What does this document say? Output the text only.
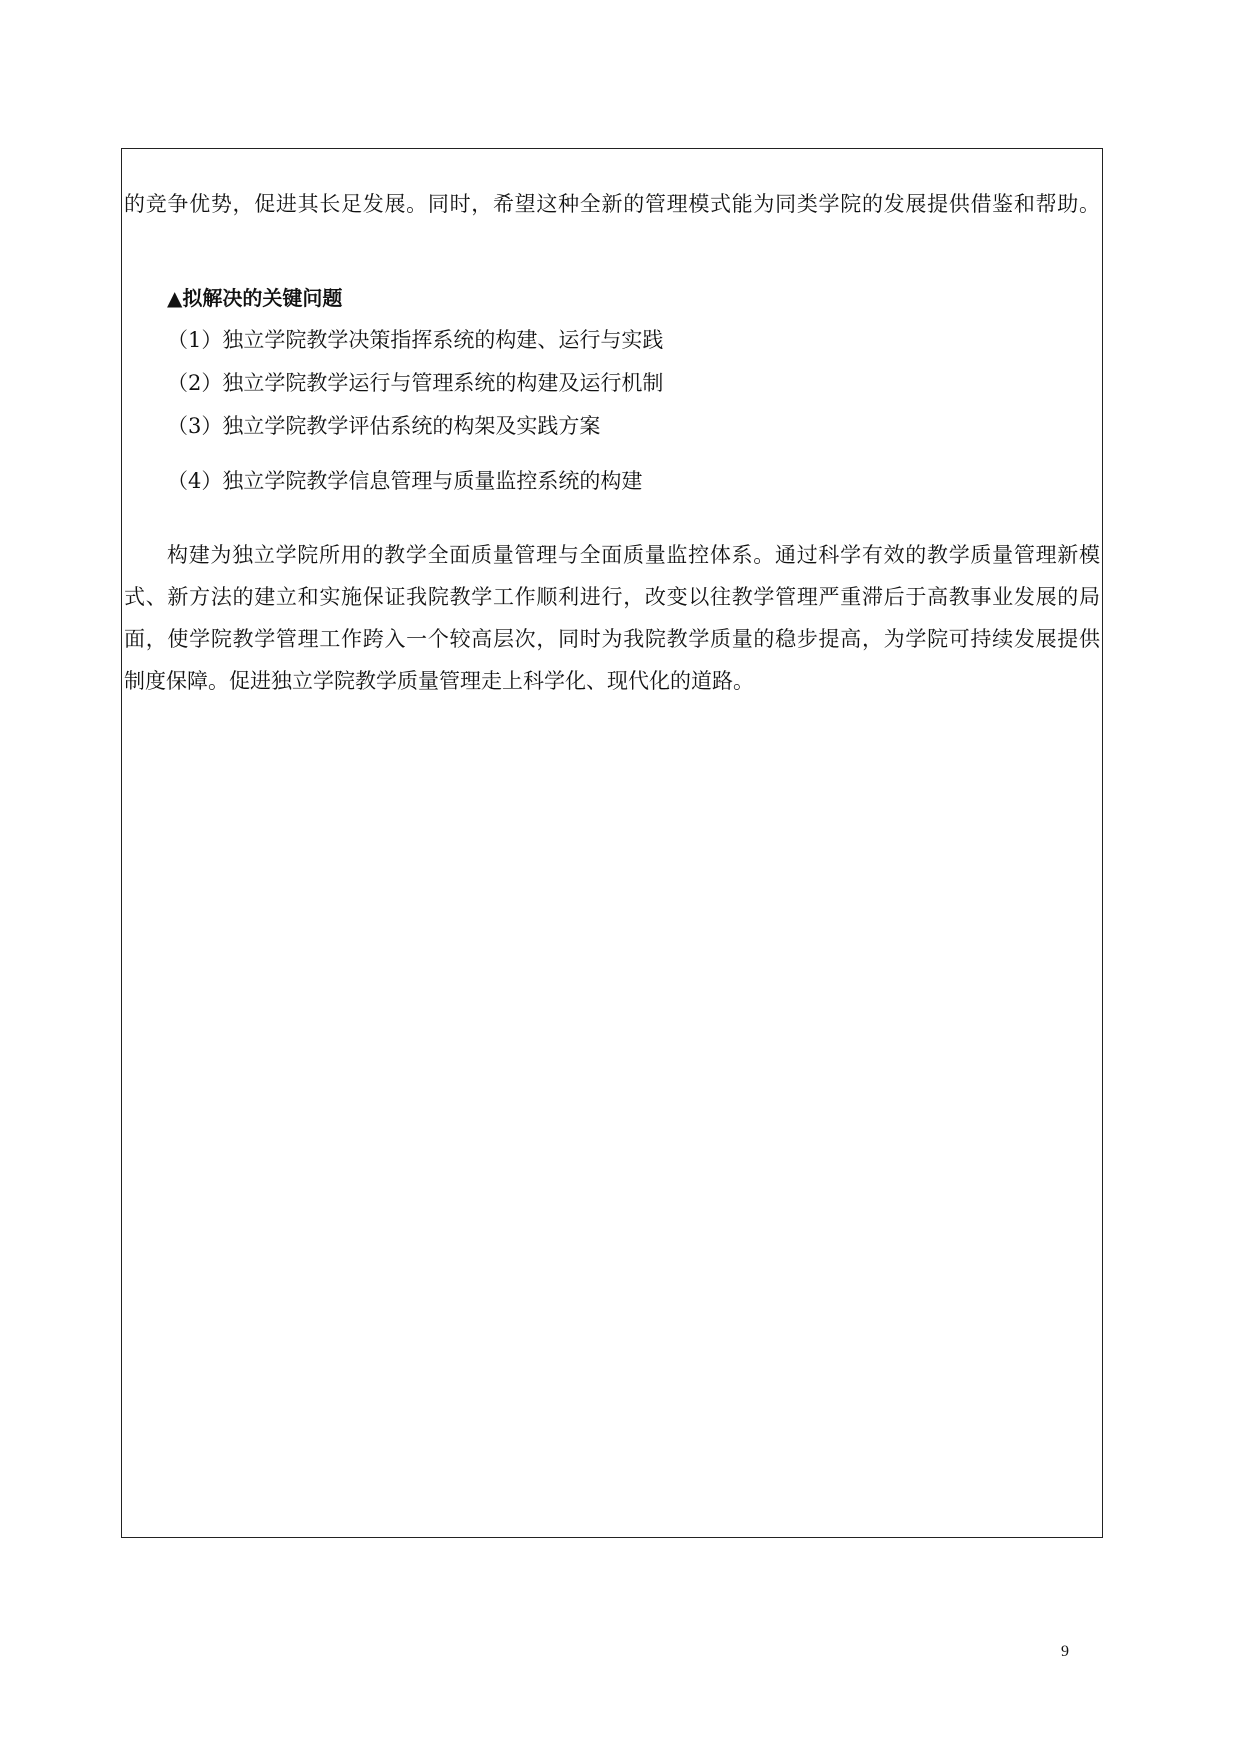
的竞争优势，促进其长足发展。同时，希望这种全新的管理模式能为同类学院的发展提供借鉴和帮助。
▲拟解决的关键问题
（1）独立学院教学决策指挥系统的构建、运行与实践
（2）独立学院教学运行与管理系统的构建及运行机制
（3）独立学院教学评估系统的构架及实践方案
（4）独立学院教学信息管理与质量监控系统的构建
构建为独立学院所用的教学全面质量管理与全面质量监控体系。通过科学有效的教学质量管理新模
式、新方法的建立和实施保证我院教学工作顺利进行，改变以往教学管理严重滞后于高教事业发展的局
面，使学院教学管理工作跨入一个较高层次，同时为我院教学质量的稳步提高，为学院可持续发展提供
制度保障。促进独立学院教学质量管理走上科学化、现代化的道路。
9
